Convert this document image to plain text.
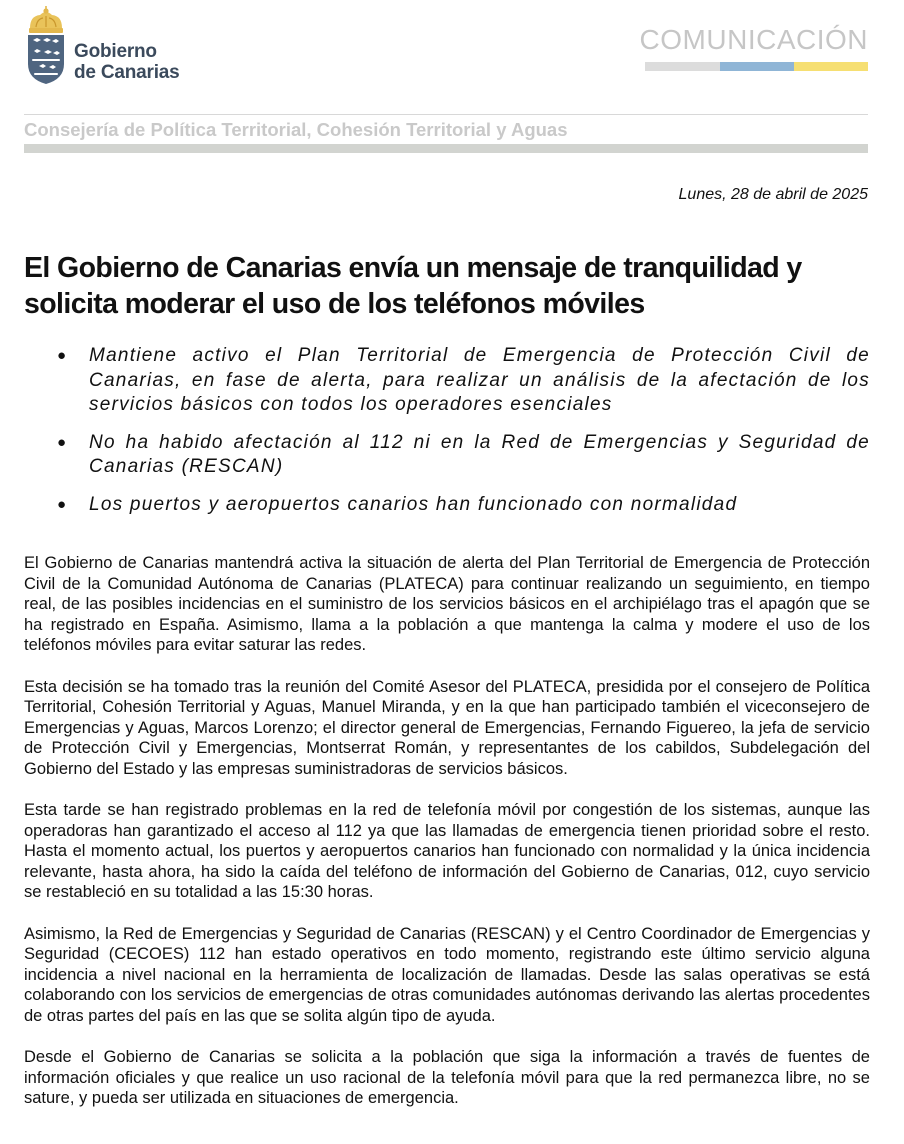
Gobierno
de Canarias
COMUNICACIÓN
Consejería de Política Territorial, Cohesión Territorial y Aguas
Lunes, 28 de abril de 2025
El Gobierno de Canarias envía un mensaje de tranquilidad y solicita moderar el uso de los teléfonos móviles
● Mantiene activo el Plan Territorial de Emergencia de Protección Civil de Canarias, en fase de alerta, para realizar un análisis de la afectación de los servicios básicos con todos los operadores esenciales
● No ha habido afectación al 112 ni en la Red de Emergencias y Seguridad de Canarias (RESCAN)
● Los puertos y aeropuertos canarios han funcionado con normalidad

El Gobierno de Canarias mantendrá activa la situación de alerta del Plan Territorial de Emergencia de Protección Civil de la Comunidad Autónoma de Canarias (PLATECA) para continuar realizando un seguimiento, en tiempo real, de las posibles incidencias en el suministro de los servicios básicos en el archipiélago tras el apagón que se ha registrado en España. Asimismo, llama a la población a que mantenga la calma y modere el uso de los teléfonos móviles para evitar saturar las redes.

Esta decisión se ha tomado tras la reunión del Comité Asesor del PLATECA, presidida por el consejero de Política Territorial, Cohesión Territorial y Aguas, Manuel Miranda, y en la que han participado también el viceconsejero de Emergencias y Aguas, Marcos Lorenzo; el director general de Emergencias, Fernando Figuereo, la jefa de servicio de Protección Civil y Emergencias, Montserrat Román, y representantes de los cabildos, Subdelegación del Gobierno del Estado y las empresas suministradoras de servicios básicos.

Esta tarde se han registrado problemas en la red de telefonía móvil por congestión de los sistemas, aunque las operadoras han garantizado el acceso al 112 ya que las llamadas de emergencia tienen prioridad sobre el resto. Hasta el momento actual, los puertos y aeropuertos canarios han funcionado con normalidad y la única incidencia relevante, hasta ahora, ha sido la caída del teléfono de información del Gobierno de Canarias, 012, cuyo servicio se restableció en su totalidad a las 15:30 horas.

Asimismo, la Red de Emergencias y Seguridad de Canarias (RESCAN) y el Centro Coordinador de Emergencias y Seguridad (CECOES) 112 han estado operativos en todo momento, registrando este último servicio alguna incidencia a nivel nacional en la herramienta de localización de llamadas. Desde las salas operativas se está colaborando con los servicios de emergencias de otras comunidades autónomas derivando las alertas procedentes de otras partes del país en las que se solita algún tipo de ayuda.

Desde el Gobierno de Canarias se solicita a la población que siga la información a través de fuentes de información oficiales y que realice un uso racional de la telefonía móvil para que la red permanezca libre, no se sature, y pueda ser utilizada en situaciones de emergencia.
